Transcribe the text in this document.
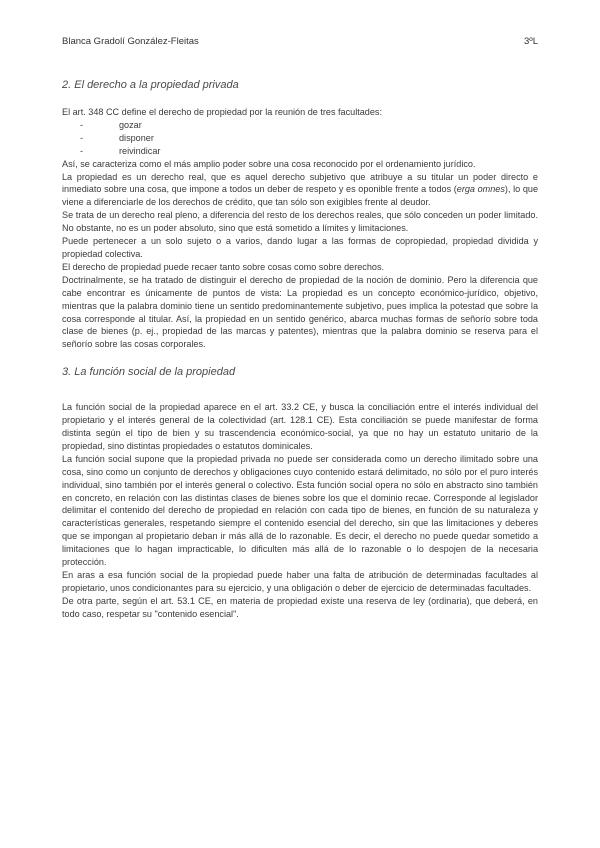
Blanca Gradolí González-Fleitas	3ºL
2. El derecho a la propiedad privada

El art. 348 CC define el derecho de propiedad por la reunión de tres facultades:

-	gozar
-	disponer
-	reivindicar

Así, se caracteriza como el más amplio poder sobre una cosa reconocido por el ordenamiento jurídico.

La propiedad es un derecho real, que es aquel derecho subjetivo que atribuye a su titular un poder directo e inmediato sobre una cosa, que impone a todos un deber de respeto y es oponible frente a todos (erga omnes), lo que viene a diferenciarle de los derechos de crédito, que tan sólo son exigibles frente al deudor.

Se trata de un derecho real pleno, a diferencia del resto de los derechos reales, que sólo conceden un poder limitado. No obstante, no es un poder absoluto, sino que está sometido a límites y limitaciones.

Puede pertenecer a un solo sujeto o a varios, dando lugar a las formas de copropiedad, propiedad dividida y propiedad colectiva.

El derecho de propiedad puede recaer tanto sobre cosas como sobre derechos.

Doctrinalmente, se ha tratado de distinguir el derecho de propiedad de la noción de dominio. Pero la diferencia que cabe encontrar es únicamente de puntos de vista: La propiedad es un concepto económico-jurídico, objetivo, mientras que la palabra dominio tiene un sentido predominantemente subjetivo, pues implica la potestad que sobre la cosa corresponde al titular. Así, la propiedad en un sentido genérico, abarca muchas formas de señorío sobre toda clase de bienes (p. ej., propiedad de las marcas y patentes), mientras que la palabra dominio se reserva para el señorío sobre las cosas corporales.

3. La función social de la propiedad

La función social de la propiedad aparece en el art. 33.2 CE, y busca la conciliación entre el interés individual del propietario y el interés general de la colectividad (art. 128.1 CE). Esta conciliación se puede manifestar de forma distinta según el tipo de bien y su trascendencia económico-social, ya que no hay un estatuto unitario de la propiedad, sino distintas propiedades o estatutos dominicales.

La función social supone que la propiedad privada no puede ser considerada como un derecho ilimitado sobre una cosa, sino como un conjunto de derechos y obligaciones cuyo contenido estará delimitado, no sólo por el puro interés individual, sino también por el interés general o colectivo. Esta función social opera no sólo en abstracto sino también en concreto, en relación con las distintas clases de bienes sobre los que el dominio recae. Corresponde al legislador delimitar el contenido del derecho de propiedad en relación con cada tipo de bienes, en función de su naturaleza y características generales, respetando siempre el contenido esencial del derecho, sin que las limitaciones y deberes que se impongan al propietario deban ir más allá de lo razonable. Es decir, el derecho no puede quedar sometido a limitaciones que lo hagan impracticable, lo dificulten más allá de lo razonable o lo despojen de la necesaria protección.

En aras a esa función social de la propiedad puede haber una falta de atribución de determinadas facultades al propietario, unos condicionantes para su ejercicio, y una obligación o deber de ejercicio de determinadas facultades.

De otra parte, según el art. 53.1 CE, en materia de propiedad existe una reserva de ley (ordinaria), que deberá, en todo caso, respetar su "contenido esencial".
